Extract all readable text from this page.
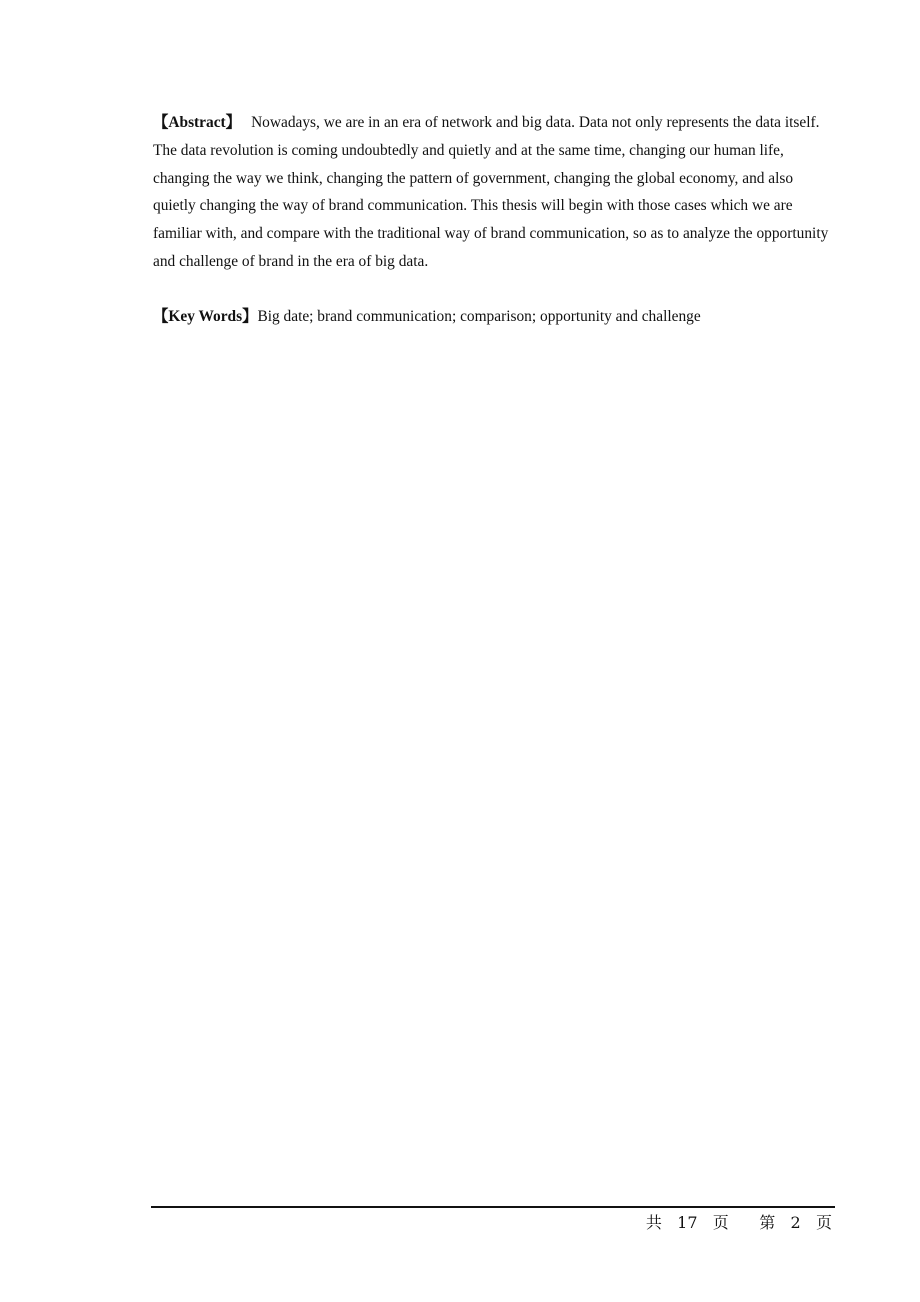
【Abstract】 Nowadays, we are in an era of network and big data. Data not only represents the data itself. The data revolution is coming undoubtedly and quietly and at the same time, changing our human life, changing the way we think, changing the pattern of government, changing the global economy, and also quietly changing the way of brand communication. This thesis will begin with those cases which we are familiar with, and compare with the traditional way of brand communication, so as to analyze the opportunity and challenge of brand in the era of big data.

【Key Words】Big date; brand communication; comparison; opportunity and challenge

共   17   页      第   2   页
